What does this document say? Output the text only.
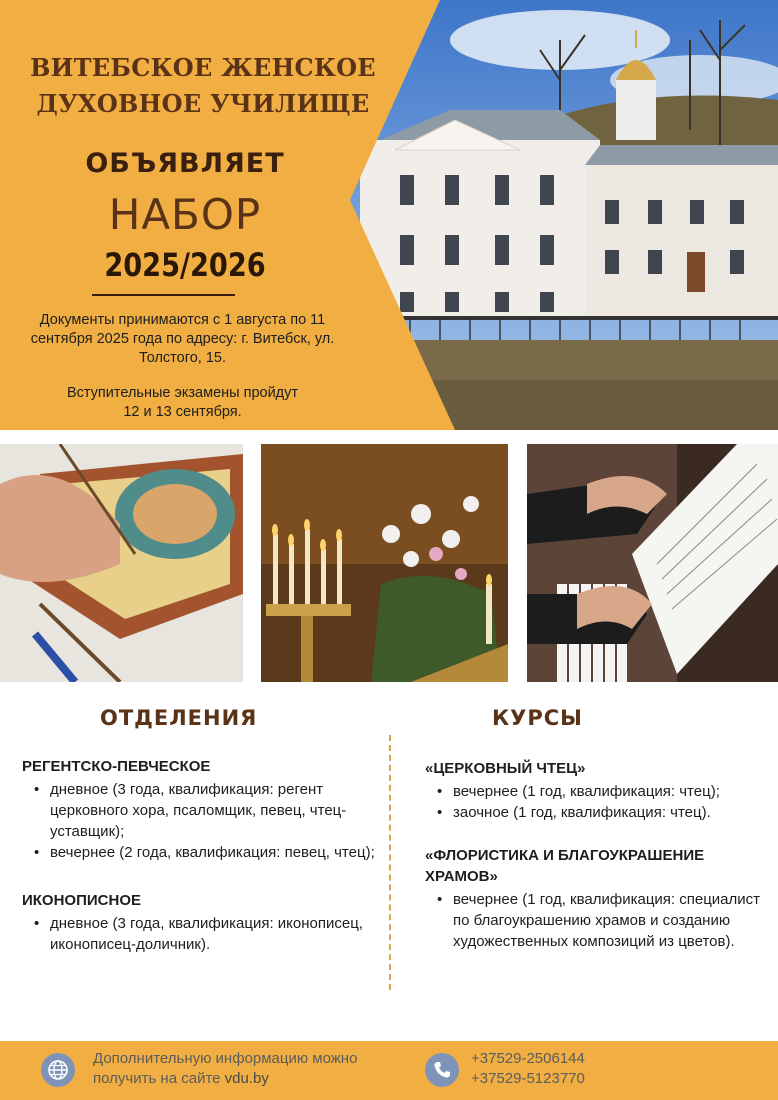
ВИТЕБСКОЕ ЖЕНСКОЕ
ДУХОВНОЕ УЧИЛИЩЕ
ОБЪЯВЛЯЕТ
НАБОР
2025/2026
Документы принимаются с 1 августа по 11
сентября 2025 года по адресу: г. Витебск, ул.
Толстого, 15.
Вступительные экзамены пройдут
12 и 13 сентября.
ОТДЕЛЕНИЯ	КУРСЫ
РЕГЕНТСКО-ПЕВЧЕСКОЕ
• дневное (3 года, квалификация: регент церковного хора, псаломщик, певец, чтец-уставщик);
• вечернее (2 года, квалификация: певец, чтец);
ИКОНОПИСНОЕ
• дневное (3 года, квалификация: иконописец, иконописец-доличник).
«ЦЕРКОВНЫЙ ЧТЕЦ»
• вечернее (1 год, квалификация: чтец);
• заочное (1 год, квалификация: чтец).
«ФЛОРИСТИКА И БЛАГОУКРАШЕНИЕ ХРАМОВ»
• вечернее (1 год, квалификация: специалист по благоукрашению храмов и созданию художественных композиций из цветов).
Дополнительную информацию можно
получить на сайте vdu.by
+37529-2506144
+37529-5123770
